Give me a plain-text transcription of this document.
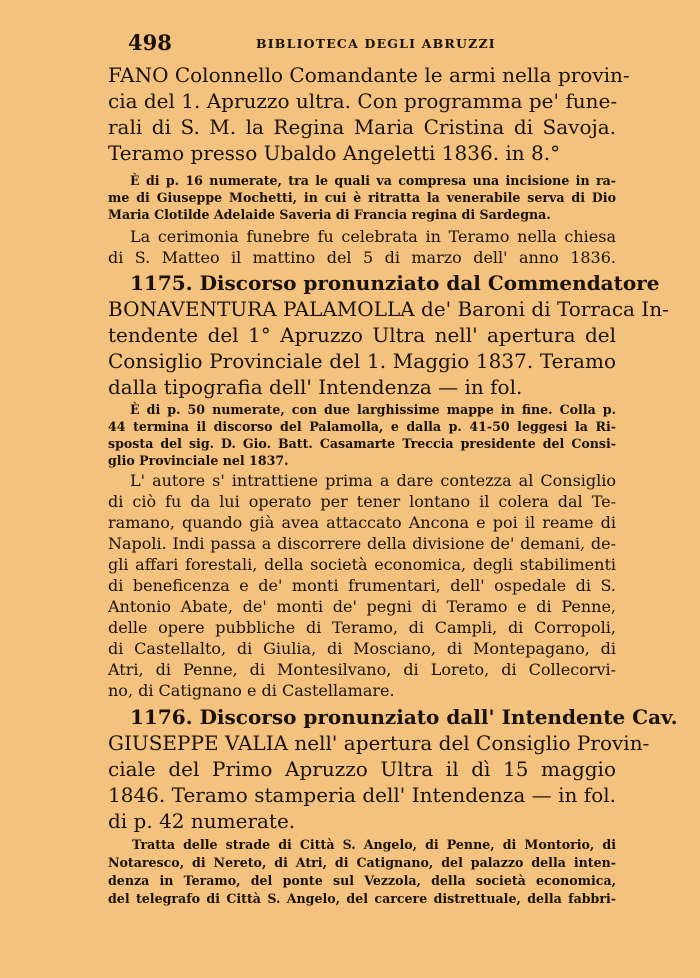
498	BIBLIOTECA DEGLI ABRUZZI
FANO Colonnello Comandante le armi nella provin-
cia del 1. Apruzzo ultra. Con programma pe' fune-
rali di S. M. la Regina Maria Cristina di Savoja.
Teramo presso Ubaldo Angeletti 1836. in 8.°
È di p. 16 numerate, tra le quali va compresa una incisione in ra-
me di Giuseppe Mochetti, in cui è ritratta la venerabile serva di Dio
Maria Clotilde Adelaide Saveria di Francia regina di Sardegna.
La cerimonia funebre fu celebrata in Teramo nella chiesa
di S. Matteo il mattino del 5 di marzo dell' anno 1836.
1175. Discorso pronunziato dal Commendatore
BONAVENTURA PALAMOLLA de' Baroni di Torraca In-
tendente del 1° Apruzzo Ultra nell' apertura del
Consiglio Provinciale del 1. Maggio 1837. Teramo
dalla tipografia dell' Intendenza — in fol.
È di p. 50 numerate, con due larghissime mappe in fine. Colla p.
44 termina il discorso del Palamolla, e dalla p. 41-50 leggesi la Ri-
sposta del sig. D. Gio. Batt. Casamarte Treccia presidente del Consi-
glio Provinciale nel 1837.
L' autore s' intrattiene prima a dare contezza al Consiglio
di ciò fu da lui operato per tener lontano il colera dal Te-
ramano, quando già avea attaccato Ancona e poi il reame di
Napoli. Indi passa a discorrere della divisione de' demani, de-
gli affari forestali, della società economica, degli stabilimenti
di beneficenza e de' monti frumentari, dell' ospedale di S.
Antonio Abate, de' monti de' pegni di Teramo e di Penne,
delle opere pubbliche di Teramo, di Campli, di Corropoli,
di Castellalto, di Giulia, di Mosciano, di Montepagano, di
Atri, di Penne, di Montesilvano, di Loreto, di Collecorvi-
no, di Catignano e di Castellamare.
1176. Discorso pronunziato dall' Intendente Cav.
GIUSEPPE VALIA nell' apertura del Consiglio Provin-
ciale del Primo Apruzzo Ultra il dì 15 maggio
1846. Teramo stamperia dell' Intendenza — in fol.
di p. 42 numerate.
Tratta delle strade di Città S. Angelo, di Penne, di Montorio, di
Notaresco, di Nereto, di Atri, di Catignano, del palazzo della inten-
denza in Teramo, del ponte sul Vezzola, della società economica,
del telegrafo di Città S. Angelo, del carcere distrettuale, della fabbri-
